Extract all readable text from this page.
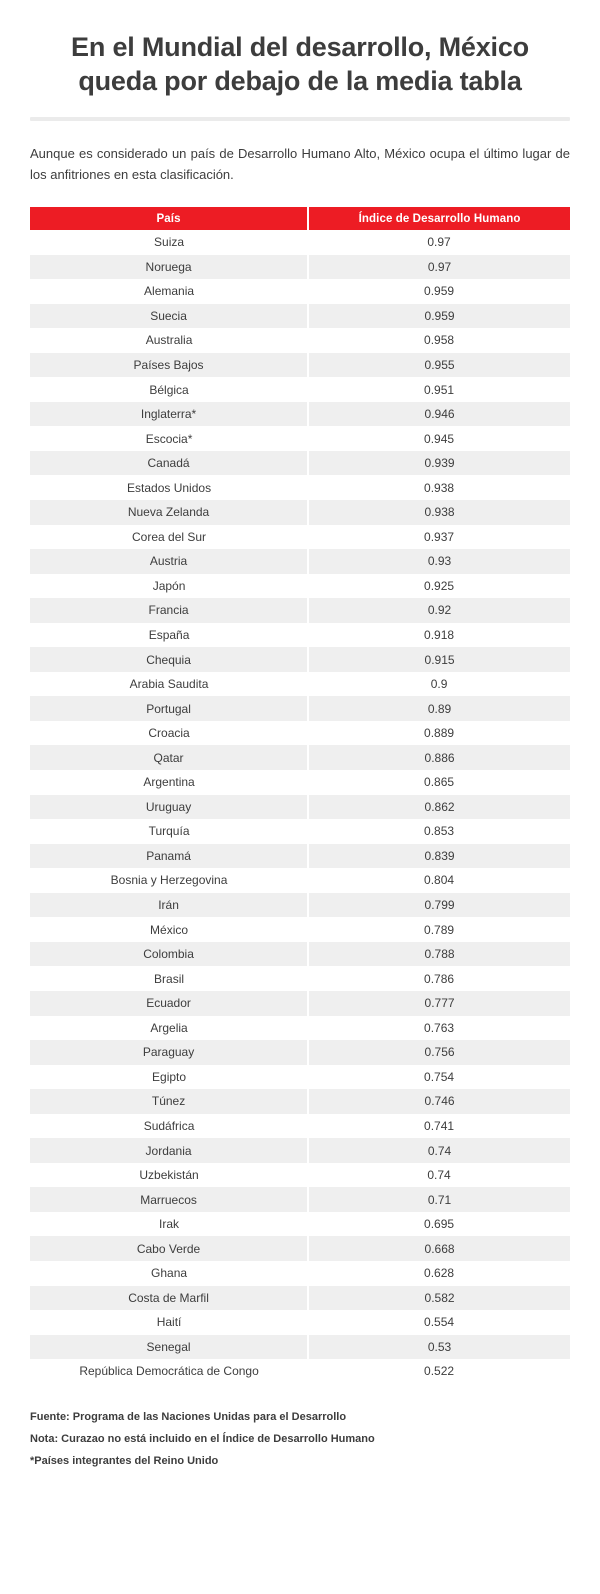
En el Mundial del desarrollo, México queda por debajo de la media tabla

Aunque es considerado un país de Desarrollo Humano Alto, México ocupa el último lugar de los anfitriones en esta clasificación.

País	Índice de Desarrollo Humano
Suiza	0.97
Noruega	0.97
Alemania	0.959
Suecia	0.959
Australia	0.958
Países Bajos	0.955
Bélgica	0.951
Inglaterra*	0.946
Escocia*	0.945
Canadá	0.939
Estados Unidos	0.938
Nueva Zelanda	0.938
Corea del Sur	0.937
Austria	0.93
Japón	0.925
Francia	0.92
España	0.918
Chequia	0.915
Arabia Saudita	0.9
Portugal	0.89
Croacia	0.889
Qatar	0.886
Argentina	0.865
Uruguay	0.862
Turquía	0.853
Panamá	0.839
Bosnia y Herzegovina	0.804
Irán	0.799
México	0.789
Colombia	0.788
Brasil	0.786
Ecuador	0.777
Argelia	0.763
Paraguay	0.756
Egipto	0.754
Túnez	0.746
Sudáfrica	0.741
Jordania	0.74
Uzbekistán	0.74
Marruecos	0.71
Irak	0.695
Cabo Verde	0.668
Ghana	0.628
Costa de Marfil	0.582
Haití	0.554
Senegal	0.53
República Democrática de Congo	0.522
Fuente: Programa de las Naciones Unidas para el Desarrollo
Nota: Curazao no está incluido en el Índice de Desarrollo Humano
*Países integrantes del Reino Unido
